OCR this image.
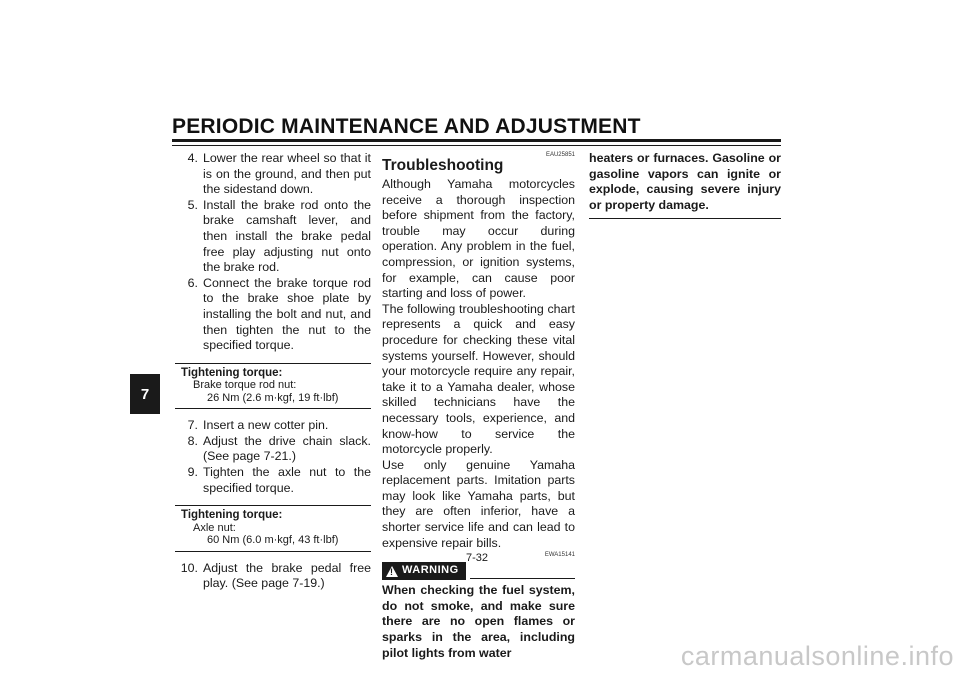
PERIODIC MAINTENANCE AND ADJUSTMENT
7
4. Lower the rear wheel so that it is on the ground, and then put the sidestand down.
5. Install the brake rod onto the brake camshaft lever, and then install the brake pedal free play adjusting nut onto the brake rod.
6. Connect the brake torque rod to the brake shoe plate by installing the bolt and nut, and then tighten the nut to the specified torque.
Tightening torque:
Brake torque rod nut:
26 Nm (2.6 m·kgf, 19 ft·lbf)
7. Insert a new cotter pin.
8. Adjust the drive chain slack. (See page 7-21.)
9. Tighten the axle nut to the specified torque.
Tightening torque:
Axle nut:
60 Nm (6.0 m·kgf, 43 ft·lbf)
10. Adjust the brake pedal free play. (See page 7-19.)
EAU25851
Troubleshooting

Although Yamaha motorcycles receive a thorough inspection before shipment from the factory, trouble may occur during operation. Any problem in the fuel, compression, or ignition systems, for example, can cause poor starting and loss of power.

The following troubleshooting chart represents a quick and easy procedure for checking these vital systems yourself. However, should your motorcycle require any repair, take it to a Yamaha dealer, whose skilled technicians have the necessary tools, experience, and know-how to service the motorcycle properly.

Use only genuine Yamaha replacement parts. Imitation parts may look like Yamaha parts, but they are often inferior, have a shorter service life and can lead to expensive repair bills.

EWA15141
!
WARNING

When checking the fuel system, do not smoke, and make sure there are no open flames or sparks in the area, including pilot lights from water

heaters or furnaces. Gasoline or gasoline vapors can ignite or explode, causing severe injury or property damage.

7-32
carmanualsonline.info
